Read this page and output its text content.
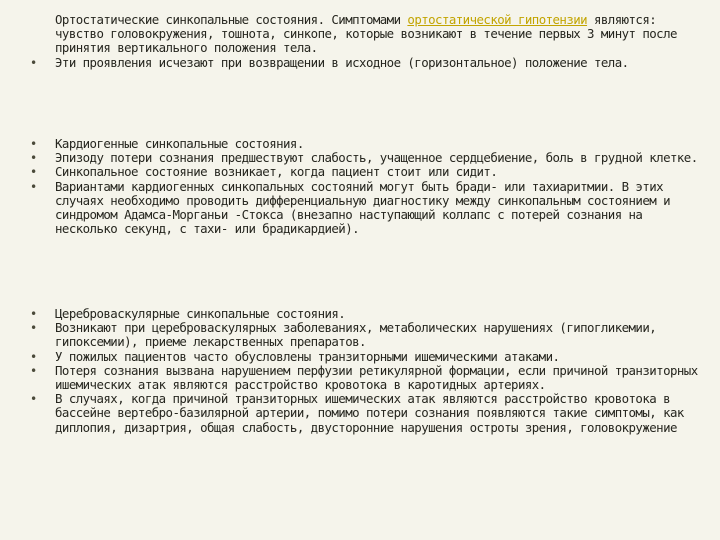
Ортостатические синкопальные состояния. Симптомами ортостатической гипотензии являются: чувство головокружения, тошнота, синкопе, которые возникают в течение первых 3 минут после принятия вертикального положения тела.
• Эти проявления исчезают при возвращении в исходное (горизонтальное) положение тела.
• Кардиогенные синкопальные состояния.
• Эпизоду потери сознания предшествуют слабость, учащенное сердцебиение, боль в грудной клетке.
• Синкопальное состояние возникает, когда пациент стоит или сидит.
• Вариантами кардиогенных синкопальных состояний могут быть бради- или тахиаритмии. В этих случаях необходимо проводить дифференциальную диагностику между синкопальным состоянием и синдромом Адамса-Морганьи -Стокса (внезапно наступающий коллапс с потерей сознания на несколько секунд, с тахи- или брадикардией).
• Цереброваскулярные синкопальные состояния.
• Возникают при цереброваскулярных заболеваниях, метаболических нарушениях (гипогликемии, гипоксемии), приеме лекарственных препаратов.
• У пожилых пациентов часто обусловлены транзиторными ишемическими атаками.
• Потеря сознания вызвана нарушением перфузии ретикулярной формации, если причиной транзиторных ишемических атак являются расстройство кровотока в каротидных артериях.
• В случаях, когда причиной транзиторных ишемических атак являются расстройство кровотока в бассейне вертебро-базилярной артерии, помимо потери сознания появляются такие симптомы, как диплопия, дизартрия, общая слабость, двусторонние нарушения остроты зрения, головокружение
